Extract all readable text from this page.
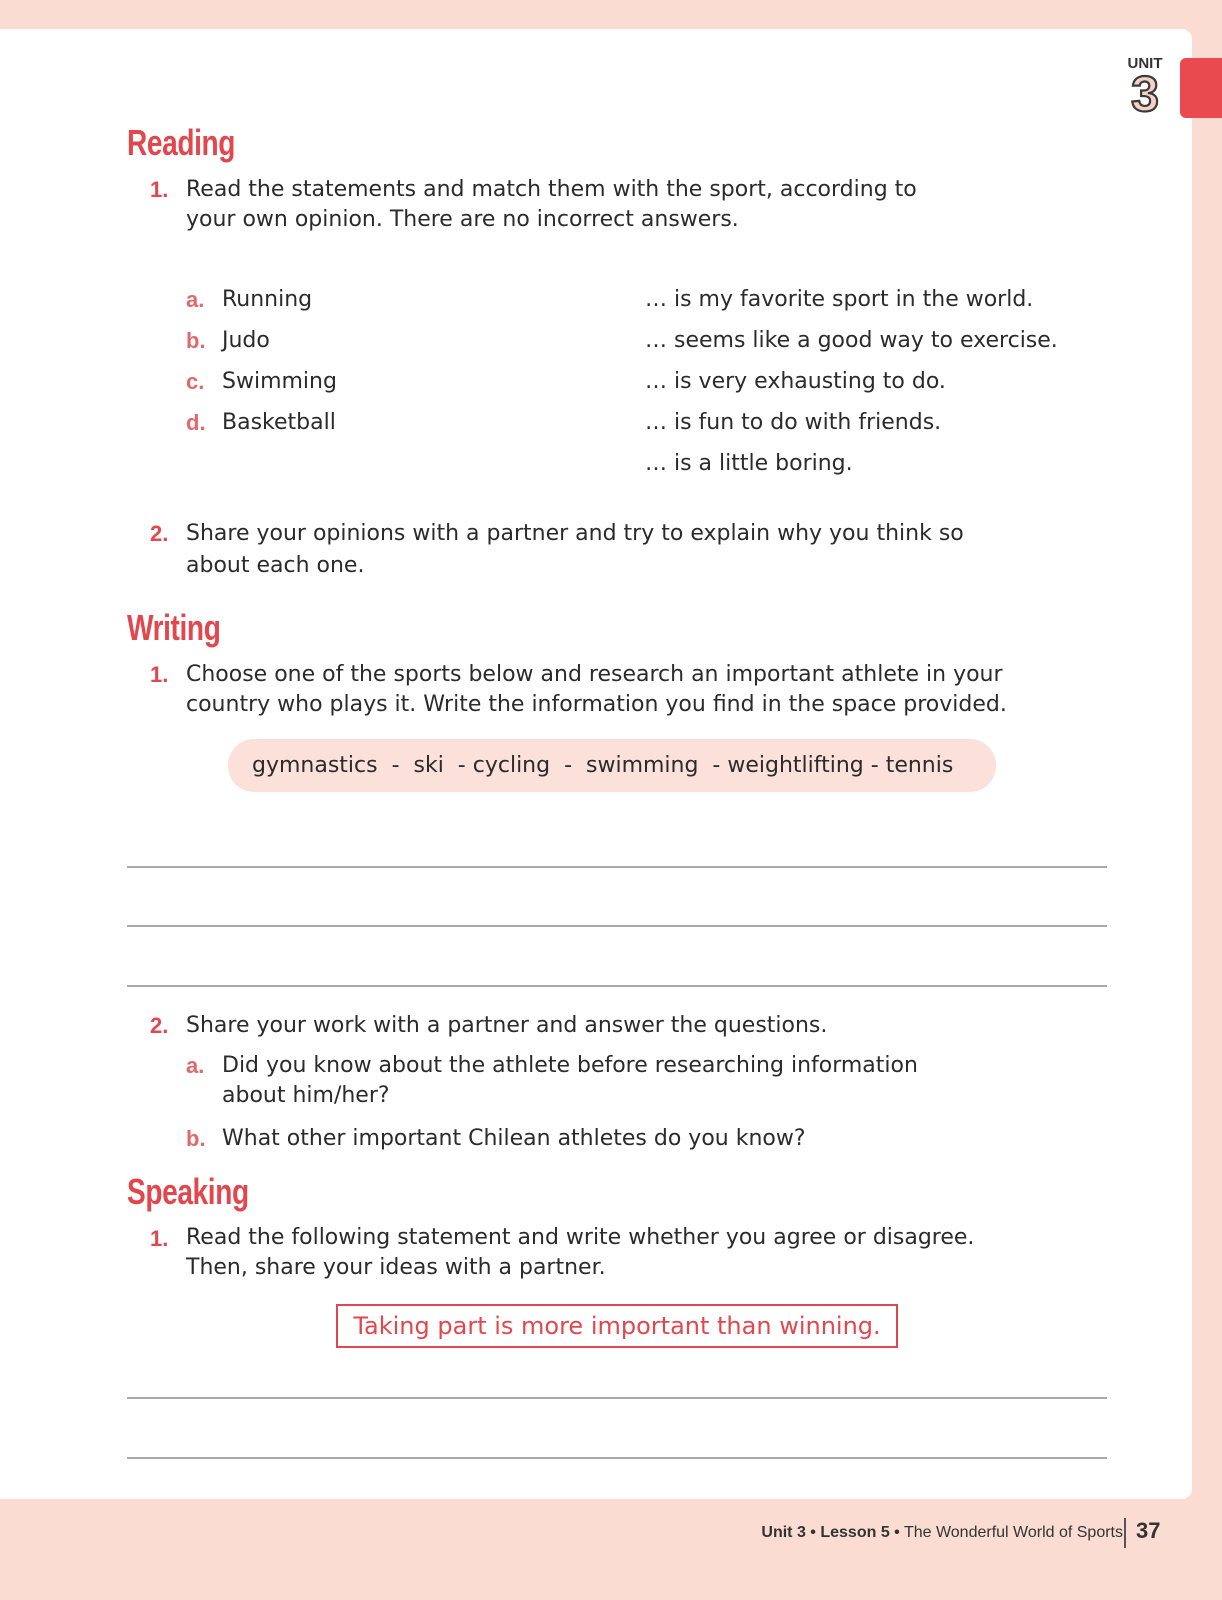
UNIT
3
Reading
1. Read the statements and match them with the sport, according to your own opinion. There are no incorrect answers.
a. Running
b. Judo
c. Swimming
d. Basketball
… is my favorite sport in the world.
… seems like a good way to exercise.
… is very exhausting to do.
… is fun to do with friends.
… is a little boring.
2. Share your opinions with a partner and try to explain why you think so about each one.
Writing
1. Choose one of the sports below and research an important athlete in your country who plays it. Write the information you find in the space provided.
gymnastics  -  ski  - cycling  -  swimming  - weightlifting - tennis
2. Share your work with a partner and answer the questions.
a. Did you know about the athlete before researching information about him/her?
b. What other important Chilean athletes do you know?
Speaking
1. Read the following statement and write whether you agree or disagree. Then, share your ideas with a partner.
Taking part is more important than winning.
Unit 3 • Lesson 5 • The Wonderful World of Sports 37
